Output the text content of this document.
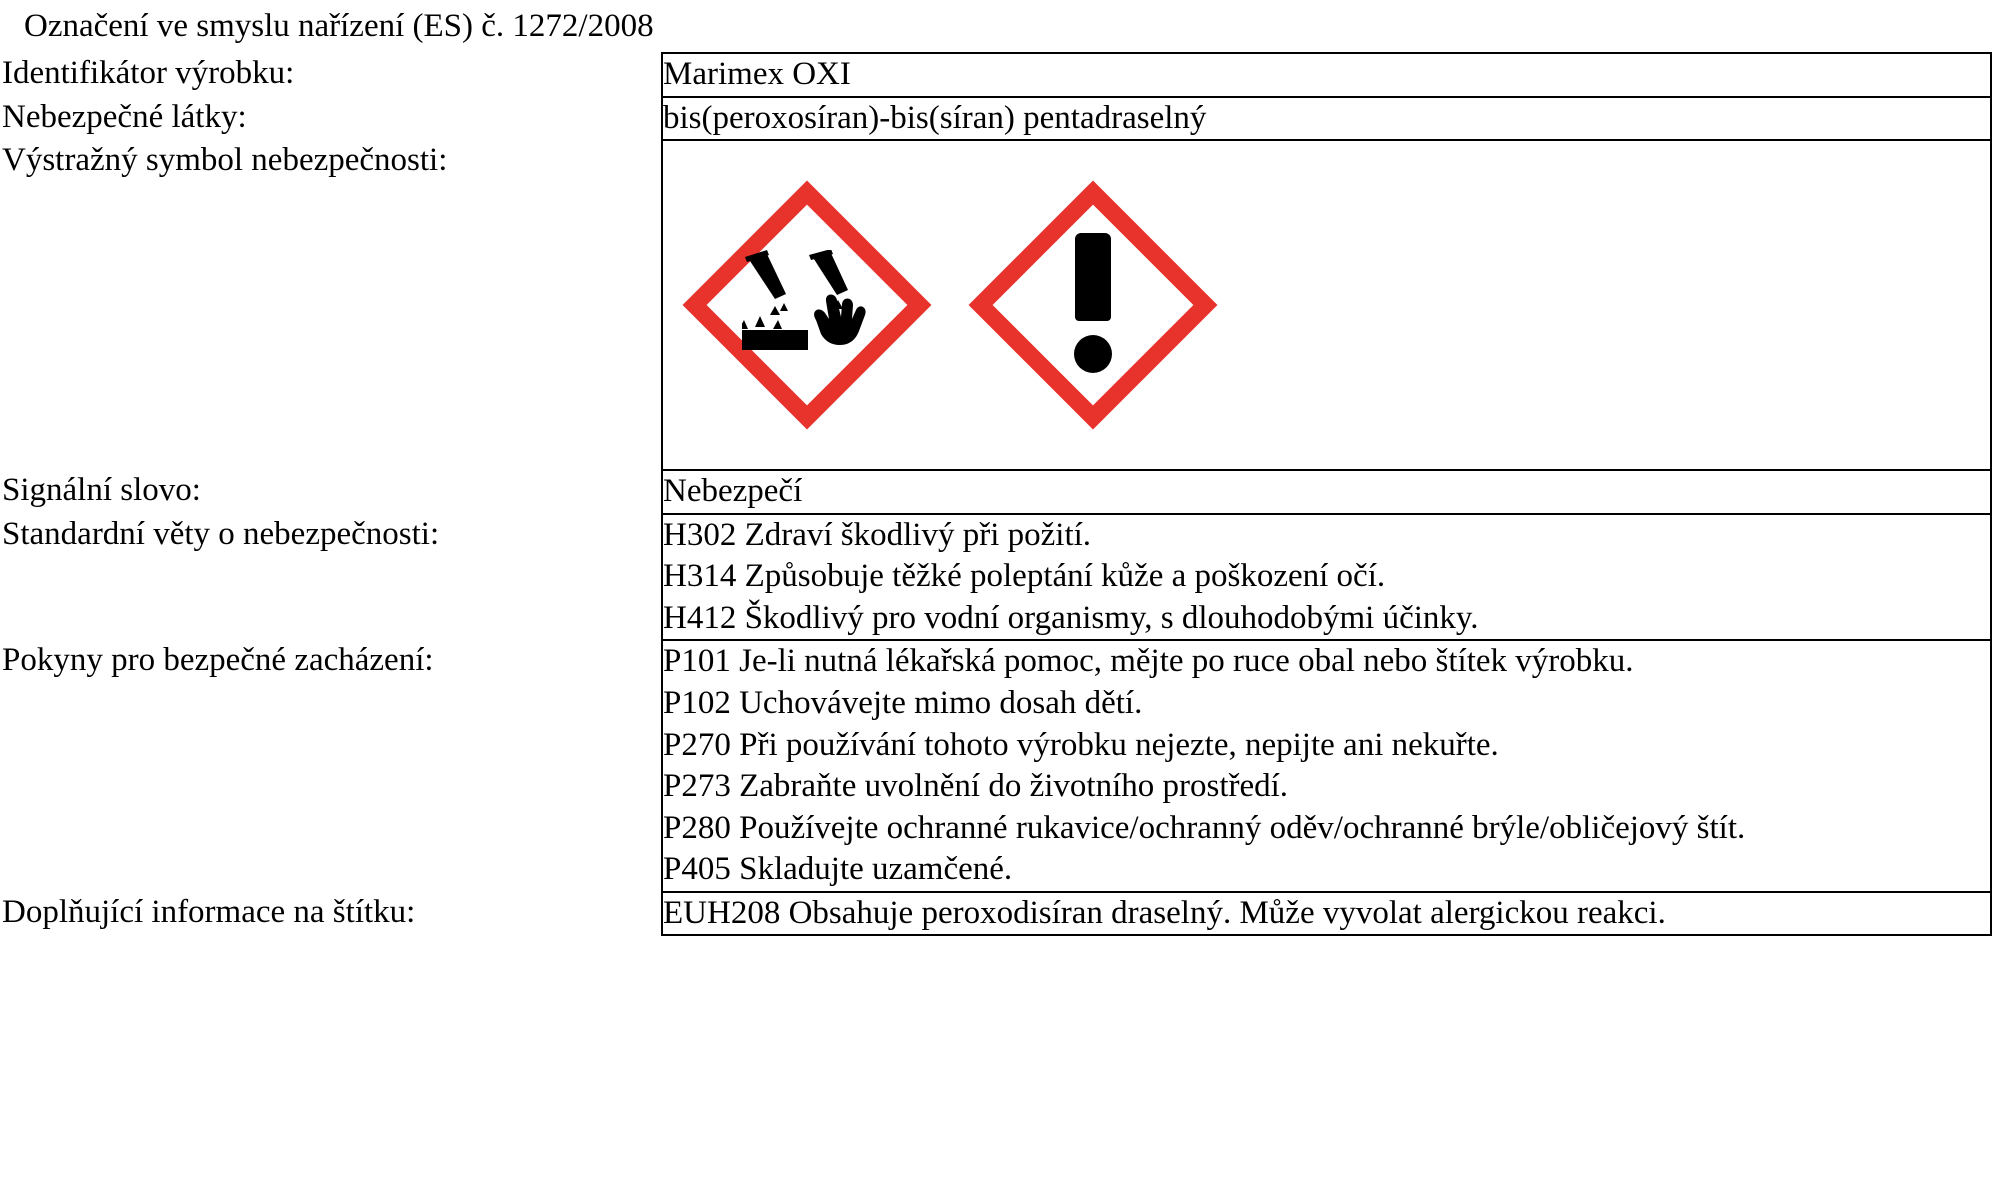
Označení ve smyslu nařízení (ES) č. 1272/2008
Identifikátor výrobku:	Marimex OXI
Nebezpečné látky:	bis(peroxosíran)-bis(síran) pentadraselný
Výstražný symbol nebezpečnosti:	

Signální slovo:	Nebezpečí
Standardní věty o nebezpečnosti:	H302 Zdraví škodlivý při požití.
H314 Způsobuje těžké poleptání kůže a poškození očí.
H412 Škodlivý pro vodní organismy, s dlouhodobými účinky.

Pokyny pro bezpečné zacházení:	P101 Je-li nutná lékařská pomoc, mějte po ruce obal nebo štítek výrobku.
P102 Uchovávejte mimo dosah dětí.
P270 Při používání tohoto výrobku nejezte, nepijte ani nekuřte.
P273 Zabraňte uvolnění do životního prostředí.
P280 Používejte ochranné rukavice/ochranný oděv/ochranné brýle/obličejový štít.
P405 Skladujte uzamčené.

Doplňující informace na štítku:	EUH208 Obsahuje peroxodisíran draselný. Může vyvolat alergickou reakci.
